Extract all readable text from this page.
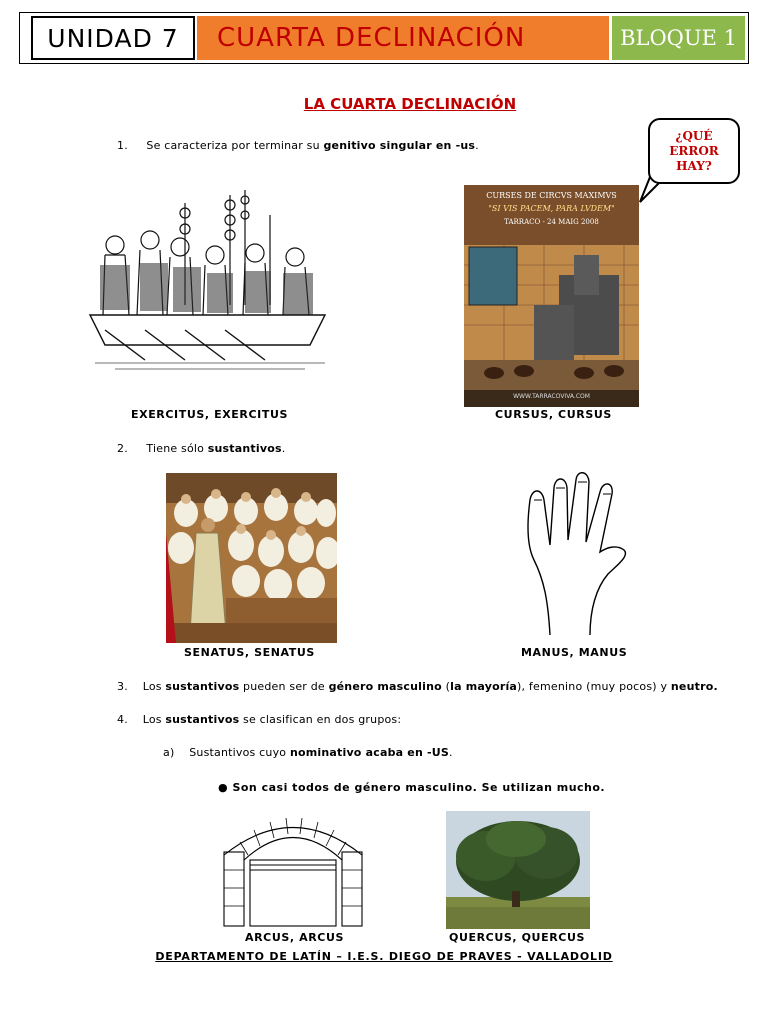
UNIDAD 7	CUARTA DECLINACIÓN	BLOQUE 1
LA CUARTA DECLINACIÓN
1. Se caracteriza por terminar su genitivo singular en -us.
¿QUÉ ERROR HAY?
CURSES DE CIRCVS MAXIMVS
"SI VIS PACEM, PARA LVDEM"
TARRACO - 24 MAIG 2008
WWW.TARRACOVIVA.COM
EXERCITUS, EXERCITUS	CURSUS, CURSUS
2. Tiene sólo sustantivos.
SENATUS, SENATUS	MANUS, MANUS
3. Los sustantivos pueden ser de género masculino (la mayoría), femenino (muy pocos) y neutro.
4. Los sustantivos se clasifican en dos grupos:
a) Sustantivos cuyo nominativo acaba en -US.
● Son casi todos de género masculino. Se utilizan mucho.
ARCUS, ARCUS	QUERCUS, QUERCUS
DEPARTAMENTO DE LATÍN – I.E.S. DIEGO DE PRAVES - VALLADOLID
